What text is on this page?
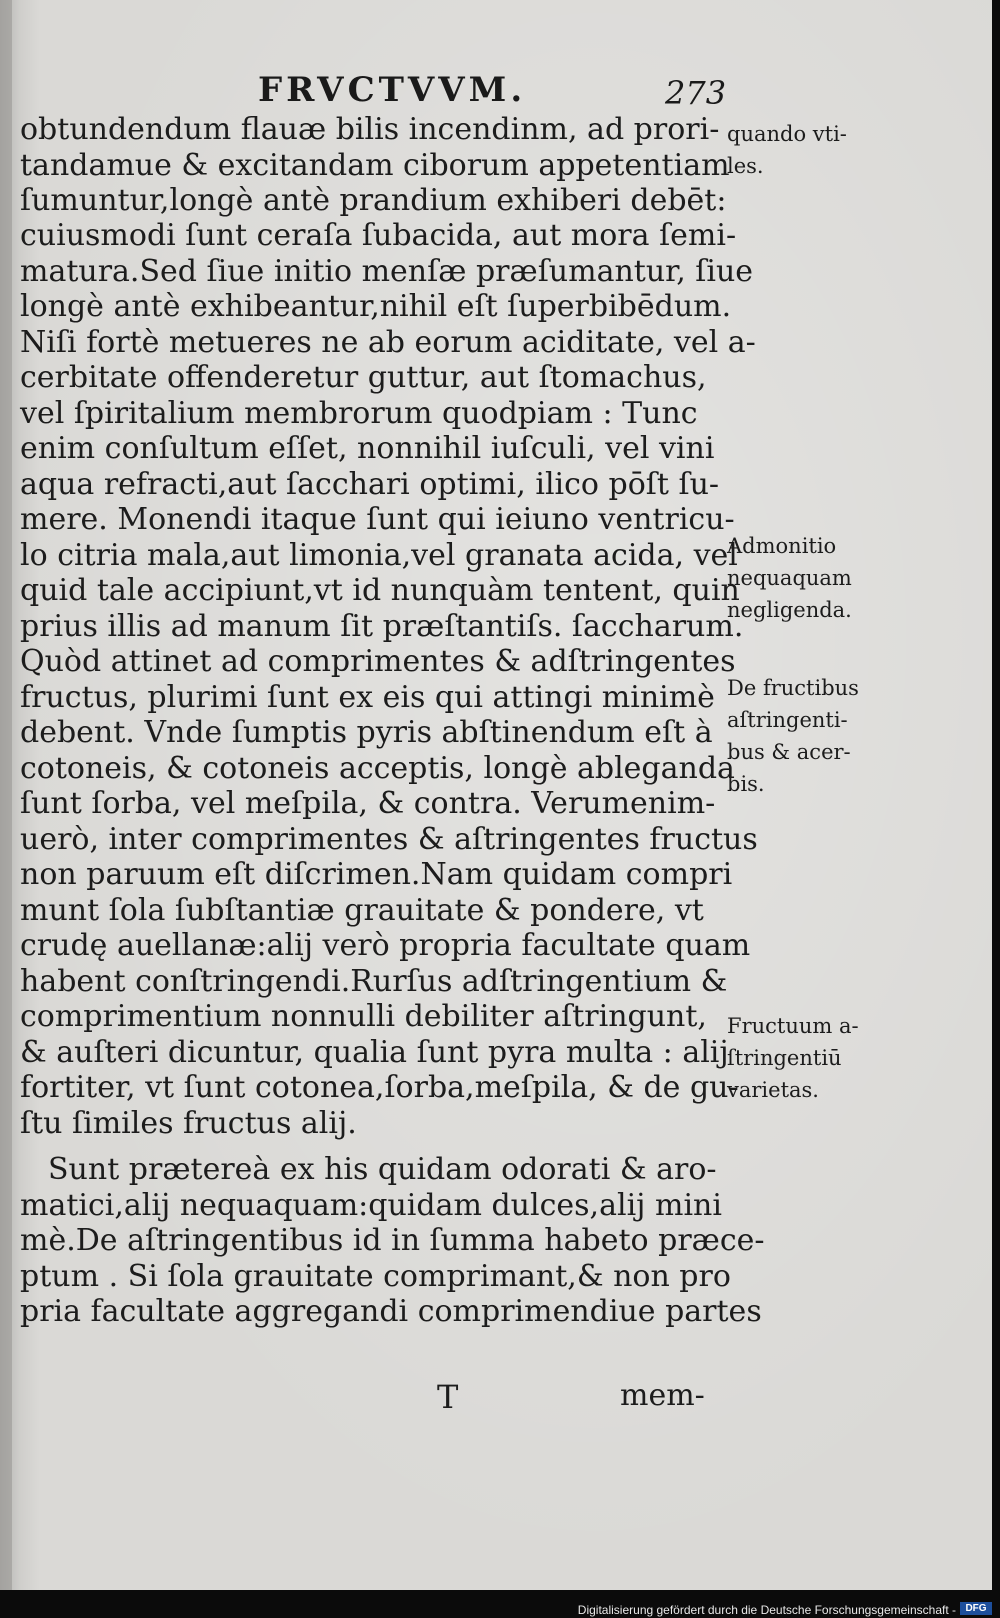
FRVCTVVM.	273
obtundendum flauæ bilis incendinm, ad prori-
tandamue & excitandam ciborum appetentiam
ſumuntur,longè antè prandium exhiberi debēt:
cuiusmodi ſunt ceraſa ſubacida, aut mora ſemi-
matura.Sed ſiue initio menſæ præſumantur, ſiue
longè antè exhibeantur,nihil eſt ſuperbibēdum.
Niſi fortè metueres ne ab eorum aciditate, vel a-
cerbitate offenderetur guttur, aut ſtomachus,
vel ſpiritalium membrorum quodpiam : Tunc
enim conſultum eſſet, nonnihil iuſculi, vel vini
aqua refracti,aut ſacchari optimi, ilico pōſt ſu-
mere. Monendi itaque ſunt qui ieiuno ventricu-
lo citria mala,aut limonia,vel granata acida, vel
quid tale accipiunt,vt id nunquàm tentent, quin
prius illis ad manum ſit præſtantiſs. ſaccharum.
Quòd attinet ad comprimentes & adſtringentes
fructus, plurimi ſunt ex eis qui attingi minimè
debent. Vnde ſumptis pyris abſtinendum eſt à
cotoneis, & cotoneis acceptis, longè ableganda
ſunt ſorba, vel meſpila, & contra. Verumenim-
uerò, inter comprimentes & aſtringentes fructus
non paruum eſt diſcrimen.Nam quidam compri
munt ſola ſubſtantiæ grauitate & pondere, vt
crudę auellanæ:alij verò propria facultate quam
habent conſtringendi.Rurſus adſtringentium &
comprimentium nonnulli debiliter aſtringunt,
& auſteri dicuntur, qualia ſunt pyra multa : alij
fortiter, vt ſunt cotonea,ſorba,meſpila, & de gu-
ſtu ſimiles fructus alij.
Sunt prætereà ex his quidam odorati & aro-
matici,alij nequaquam:quidam dulces,alij mini
mè.De aſtringentibus id in ſumma habeto præce-
ptum . Si ſola grauitate comprimant,& non pro
pria facultate aggregandi comprimendiue partes
quando vti-
les.
Admonitio
nequaquam
negligenda.
De fructibus
aſtringenti-
bus & acer-
bis.
Fructuum a-
ſtringentiū
varietas.
T	mem-
Digitalisierung gefördert durch die Deutsche Forschungsgemeinschaft - DFG
